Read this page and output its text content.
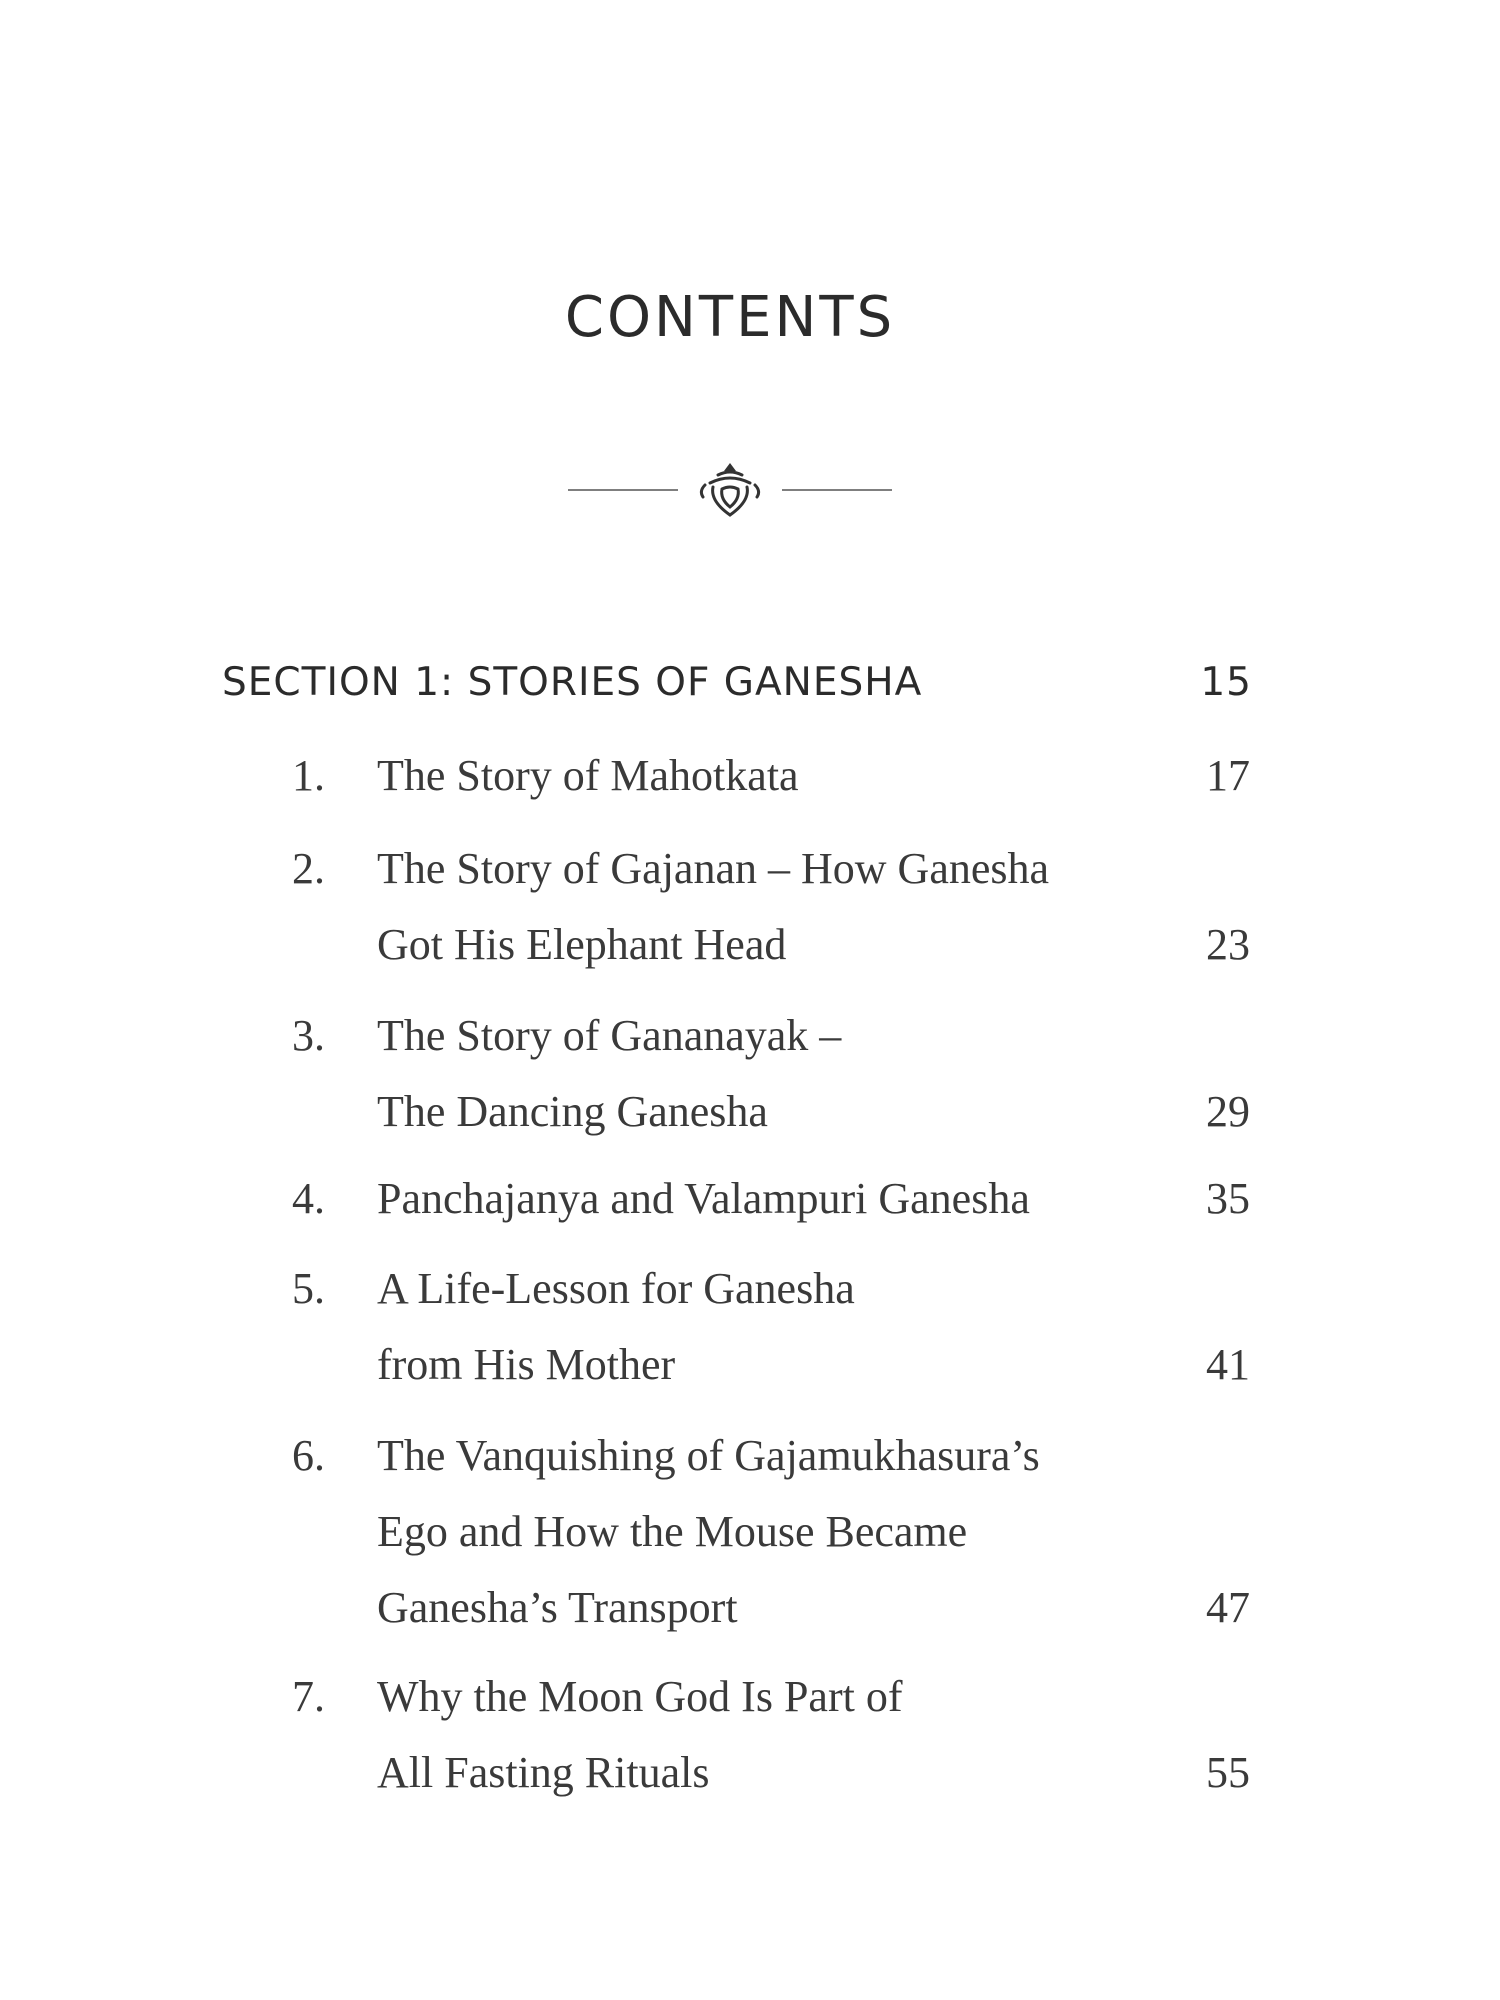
CONTENTS
SECTION 1: STORIES OF GANESHA	15
1. The Story of Mahotkata	17
2. The Story of Gajanan – How Ganesha
Got His Elephant Head	23
3. The Story of Gananayak –
The Dancing Ganesha	29
4. Panchajanya and Valampuri Ganesha	35
5. A Life-Lesson for Ganesha
from His Mother	41
6. The Vanquishing of Gajamukhasura’s
Ego and How the Mouse Became
Ganesha’s Transport	47
7. Why the Moon God Is Part of
All Fasting Rituals	55
